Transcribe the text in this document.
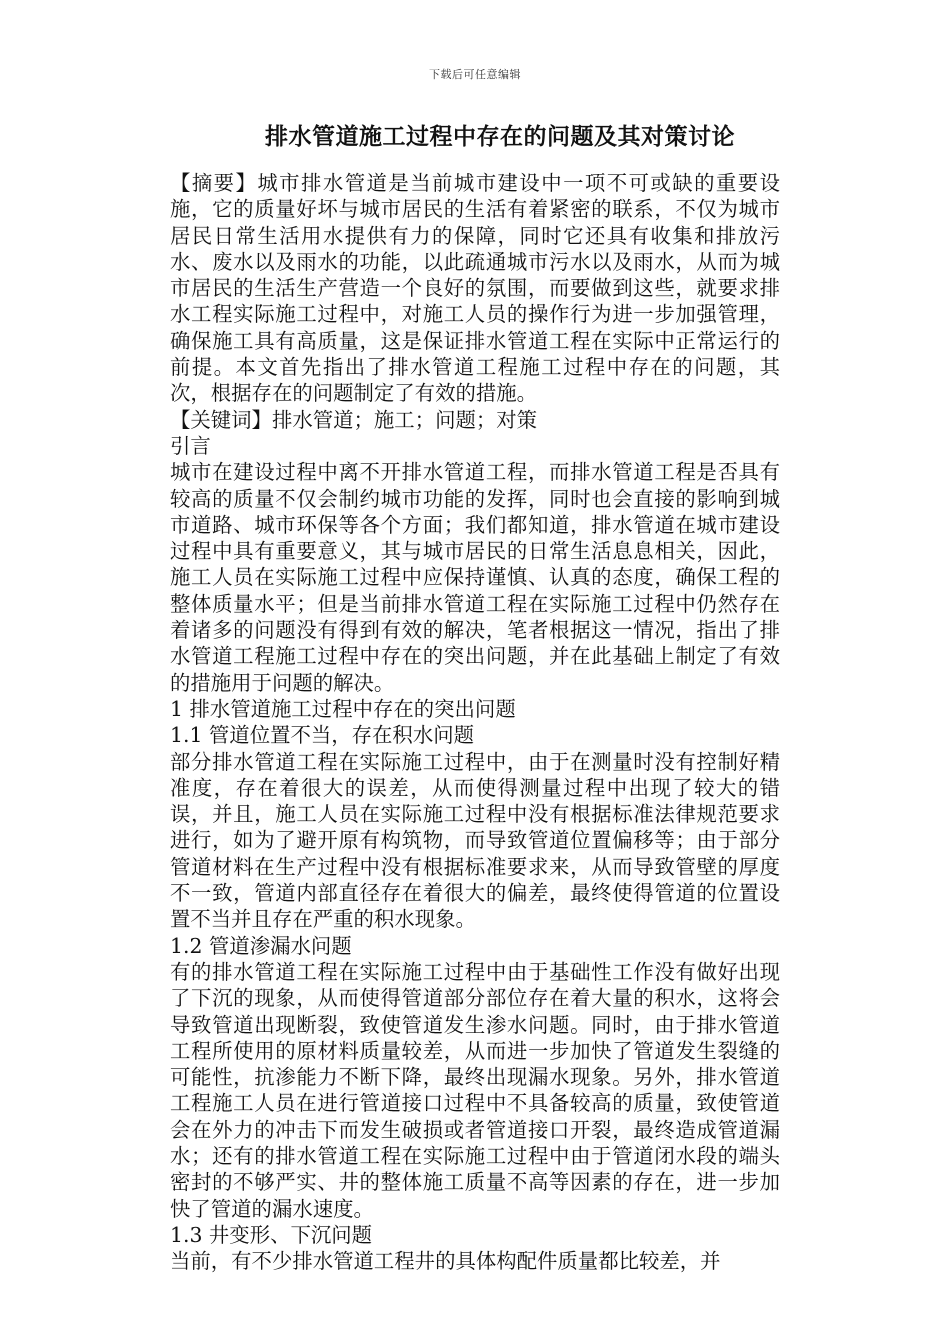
下载后可任意编辑
排水管道施工过程中存在的问题及其对策讨论

【摘要】城市排水管道是当前城市建设中一项不可或缺的重要设施，它的质量好坏与城市居民的生活有着紧密的联系，不仅为城市居民日常生活用水提供有力的保障，同时它还具有收集和排放污水、废水以及雨水的功能，以此疏通城市污水以及雨水，从而为城市居民的生活生产营造一个良好的氛围，而要做到这些，就要求排水工程实际施工过程中，对施工人员的操作行为进一步加强管理，确保施工具有高质量，这是保证排水管道工程在实际中正常运行的前提。本文首先指出了排水管道工程施工过程中存在的问题，其次，根据存在的问题制定了有效的措施。

【关键词】排水管道；施工；问题；对策

引言

城市在建设过程中离不开排水管道工程，而排水管道工程是否具有较高的质量不仅会制约城市功能的发挥，同时也会直接的影响到城市道路、城市环保等各个方面；我们都知道，排水管道在城市建设过程中具有重要意义，其与城市居民的日常生活息息相关，因此，施工人员在实际施工过程中应保持谨慎、认真的态度，确保工程的整体质量水平；但是当前排水管道工程在实际施工过程中仍然存在着诸多的问题没有得到有效的解决，笔者根据这一情况，指出了排水管道工程施工过程中存在的突出问题，并在此基础上制定了有效的措施用于问题的解决。

1 排水管道施工过程中存在的突出问题

1.1 管道位置不当，存在积水问题

部分排水管道工程在实际施工过程中，由于在测量时没有控制好精准度，存在着很大的误差，从而使得测量过程中出现了较大的错误，并且，施工人员在实际施工过程中没有根据标准法律规范要求进行，如为了避开原有构筑物，而导致管道位置偏移等；由于部分管道材料在生产过程中没有根据标准要求来，从而导致管壁的厚度不一致，管道内部直径存在着很大的偏差，最终使得管道的位置设置不当并且存在严重的积水现象。

1.2 管道渗漏水问题

有的排水管道工程在实际施工过程中由于基础性工作没有做好出现了下沉的现象，从而使得管道部分部位存在着大量的积水，这将会导致管道出现断裂，致使管道发生渗水问题。同时，由于排水管道工程所使用的原材料质量较差，从而进一步加快了管道发生裂缝的可能性，抗渗能力不断下降，最终出现漏水现象。另外，排水管道工程施工人员在进行管道接口过程中不具备较高的质量，致使管道会在外力的冲击下而发生破损或者管道接口开裂，最终造成管道漏水；还有的排水管道工程在实际施工过程中由于管道闭水段的端头密封的不够严实、井的整体施工质量不高等因素的存在，进一步加快了管道的漏水速度。

1.3 井变形、下沉问题

当前，有不少排水管道工程井的具体构配件质量都比较差，并
